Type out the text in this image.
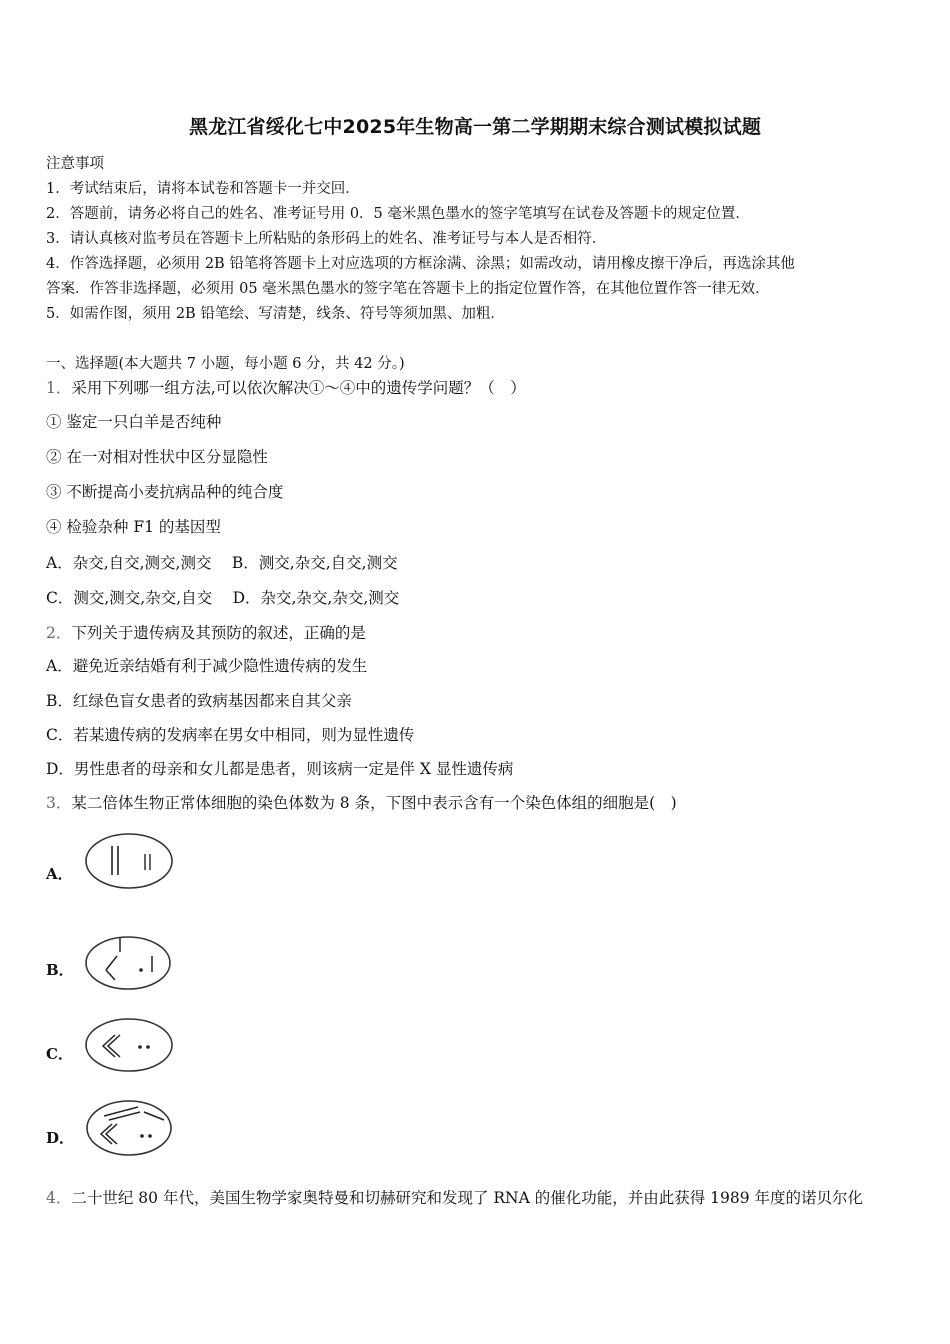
黑龙江省绥化七中2025年生物高一第二学期期末综合测试模拟试题
注意事项
1．考试结束后，请将本试卷和答题卡一并交回．
2．答题前，请务必将自己的姓名、准考证号用 0．5 毫米黑色墨水的签字笔填写在试卷及答题卡的规定位置．
3．请认真核对监考员在答题卡上所粘贴的条形码上的姓名、准考证号与本人是否相符．
4．作答选择题，必须用 2B 铅笔将答题卡上对应选项的方框涂满、涂黑；如需改动，请用橡皮擦干净后，再选涂其他
答案．作答非选择题，必须用 05 毫米黑色墨水的签字笔在答题卡上的指定位置作答，在其他位置作答一律无效．
5．如需作图，须用 2B 铅笔绘、写清楚，线条、符号等须加黑、加粗．
一、选择题(本大题共 7 小题，每小题 6 分，共 42 分。)
1．采用下列哪一组方法,可以依次解决①～④中的遗传学问题？（　）
① 鉴定一只白羊是否纯种
② 在一对相对性状中区分显隐性
③ 不断提高小麦抗病品种的纯合度
④ 检验杂种 F1 的基因型
A．杂交,自交,测交,测交　 B．测交,杂交,自交,测交
C．测交,测交,杂交,自交　 D．杂交,杂交,杂交,测交
2．下列关于遗传病及其预防的叙述，正确的是
A．避免近亲结婚有利于减少隐性遗传病的发生
B．红绿色盲女患者的致病基因都来自其父亲
C．若某遗传病的发病率在男女中相同，则为显性遗传
D．男性患者的母亲和女儿都是患者，则该病一定是伴 X 显性遗传病
3．某二倍体生物正常体细胞的染色体数为 8 条，下图中表示含有一个染色体组的细胞是(　)
A．
B．
C．
D．
4．二十世纪 80 年代，美国生物学家奥特曼和切赫研究和发现了 RNA 的催化功能，并由此获得 1989 年度的诺贝尔化
